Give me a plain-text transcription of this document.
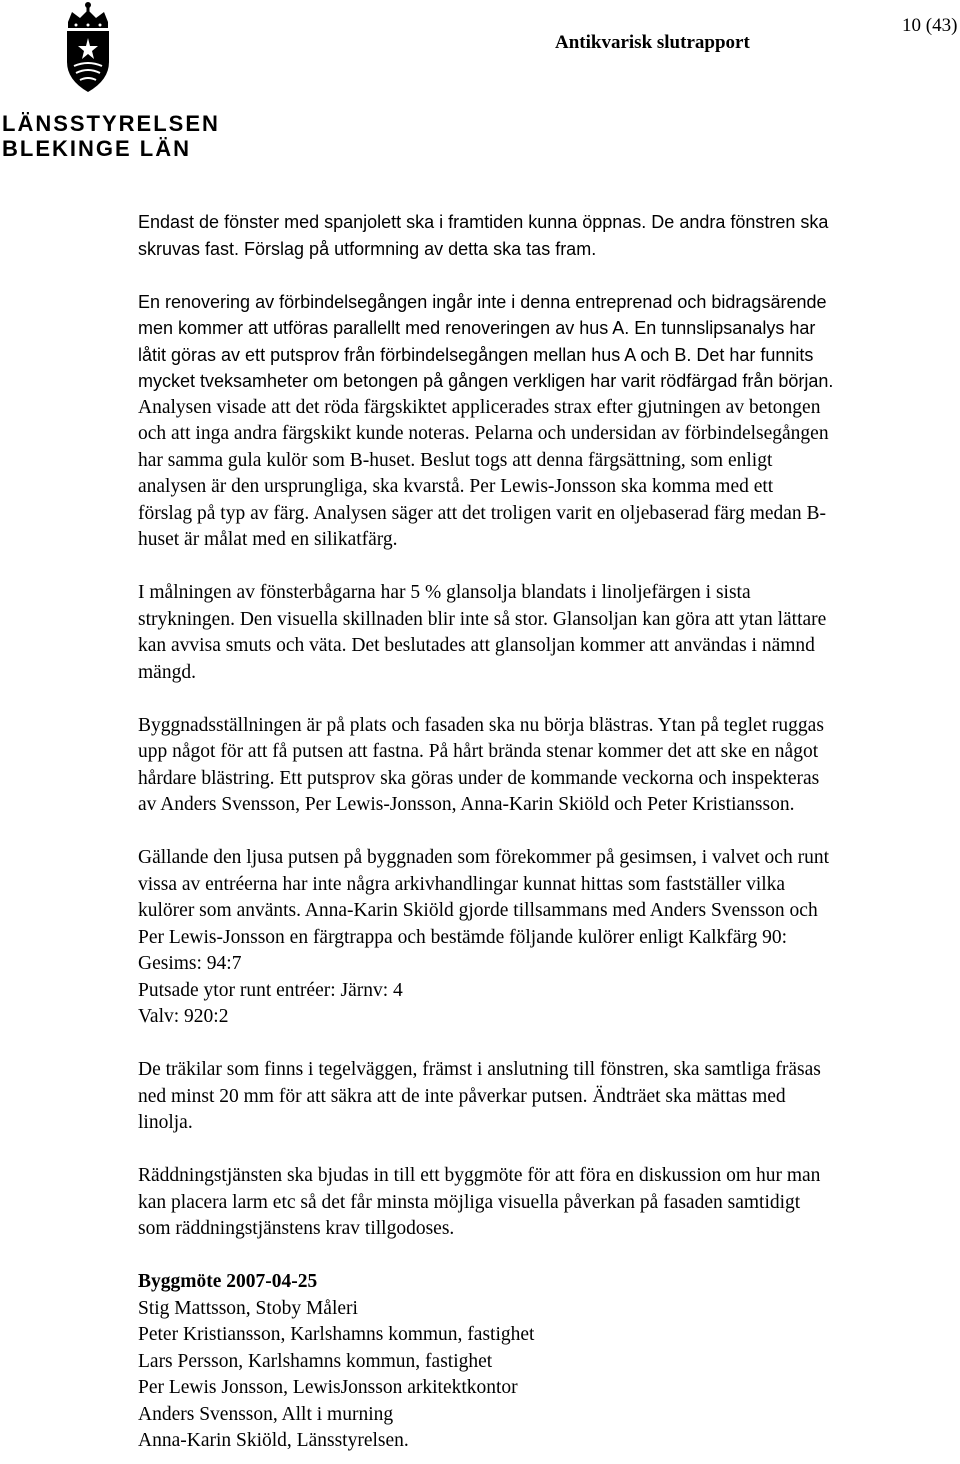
LÄNSSTYRELSEN
BLEKINGE LÄN
Antikvarisk slutrapport
10 (43)

Endast de fönster med spanjolett ska i framtiden kunna öppnas. De andra fönstren ska
skruvas fast. Förslag på utformning av detta ska tas fram.

En renovering av förbindelsegången ingår inte i denna entreprenad och bidragsärende
men kommer att utföras parallellt med renoveringen av hus A. En tunnslipsanalys har
låtit göras av ett putsprov från förbindelsegången mellan hus A och B. Det har funnits
mycket tveksamheter om betongen på gången verkligen har varit rödfärgad från början.
Analysen visade att det röda färgskiktet applicerades strax efter gjutningen av betongen
och att inga andra färgskikt kunde noteras. Pelarna och undersidan av förbindelsegången
har samma gula kulör som B-huset. Beslut togs att denna färgsättning, som enligt
analysen är den ursprungliga, ska kvarstå. Per Lewis-Jonsson ska komma med ett
förslag på typ av färg. Analysen säger att det troligen varit en oljebaserad färg medan B-
huset är målat med en silikatfärg.

I målningen av fönsterbågarna har 5 % glansolja blandats i linoljefärgen i sista
strykningen. Den visuella skillnaden blir inte så stor. Glansoljan kan göra att ytan lättare
kan avvisa smuts och väta. Det beslutades att glansoljan kommer att användas i nämnd
mängd.

Byggnadsställningen är på plats och fasaden ska nu börja blästras. Ytan på teglet ruggas
upp något för att få putsen att fastna. På hårt brända stenar kommer det att ske en något
hårdare blästring. Ett putsprov ska göras under de kommande veckorna och inspekteras
av Anders Svensson, Per Lewis-Jonsson, Anna-Karin Skiöld och Peter Kristiansson.

Gällande den ljusa putsen på byggnaden som förekommer på gesimsen, i valvet och runt
vissa av entréerna har inte några arkivhandlingar kunnat hittas som fastställer vilka
kulörer som använts. Anna-Karin Skiöld gjorde tillsammans med Anders Svensson och
Per Lewis-Jonsson en färgtrappa och bestämde följande kulörer enligt Kalkfärg 90:
Gesims: 94:7
Putsade ytor runt entréer: Järnv: 4
Valv: 920:2

De träkilar som finns i tegelväggen, främst i anslutning till fönstren, ska samtliga fräsas
ned minst 20 mm för att säkra att de inte påverkar putsen. Ändträet ska mättas med
linolja.

Räddningstjänsten ska bjudas in till ett byggmöte för att föra en diskussion om hur man
kan placera larm etc så det får minsta möjliga visuella påverkan på fasaden samtidigt
som räddningstjänstens krav tillgodoses.

Byggmöte 2007-04-25
Stig Mattsson, Stoby Måleri
Peter Kristiansson, Karlshamns kommun, fastighet
Lars Persson, Karlshamns kommun, fastighet
Per Lewis Jonsson, LewisJonsson arkitektkontor
Anders Svensson, Allt i murning
Anna-Karin Skiöld, Länsstyrelsen.
